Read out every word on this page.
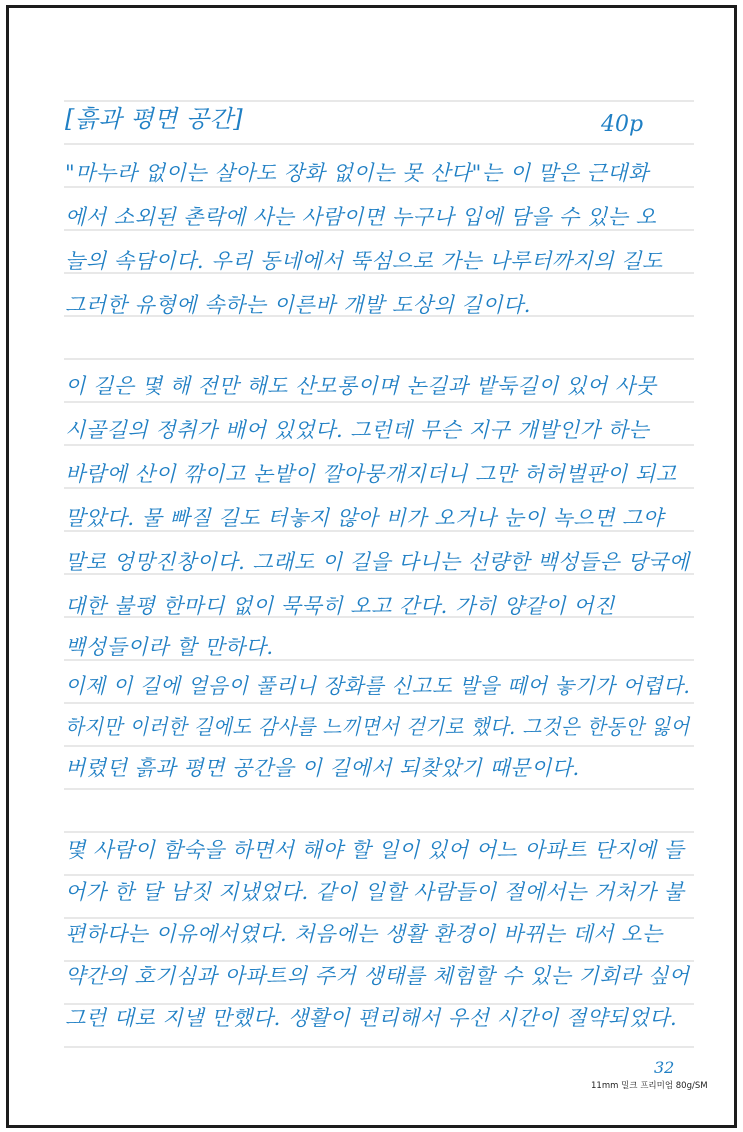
[흙과 평면 공간]	40p
"마누라 없이는 살아도 장화 없이는 못 산다"는 이 말은 근대화
에서 소외된 촌락에 사는 사람이면 누구나 입에 담을 수 있는 오
늘의 속담이다. 우리 동네에서 뚝섬으로 가는 나루터까지의 길도
그러한 유형에 속하는 이른바 개발 도상의 길이다.
이 길은 몇 해 전만 해도 산모롱이며 논길과 밭둑길이 있어 사뭇
시골길의 정취가 배어 있었다. 그런데 무슨 지구 개발인가 하는
바람에 산이 깎이고 논밭이 깔아뭉개지더니 그만 허허벌판이 되고
말았다. 물 빠질 길도 터놓지 않아 비가 오거나 눈이 녹으면 그야
말로 엉망진창이다. 그래도 이 길을 다니는 선량한 백성들은 당국에
대한 불평 한마디 없이 묵묵히 오고 간다. 가히 양같이 어진
백성들이라 할 만하다.
이제 이 길에 얼음이 풀리니 장화를 신고도 발을 떼어 놓기가 어렵다.
하지만 이러한 길에도 감사를 느끼면서 걷기로 했다. 그것은 한동안 잃어
버렸던 흙과 평면 공간을 이 길에서 되찾았기 때문이다.
몇 사람이 함숙을 하면서 해야 할 일이 있어 어느 아파트 단지에 들
어가 한 달 남짓 지냈었다. 같이 일할 사람들이 절에서는 거처가 불
편하다는 이유에서였다. 처음에는 생활 환경이 바뀌는 데서 오는
약간의 호기심과 아파트의 주거 생태를 체험할 수 있는 기회라 싶어
그런 대로 지낼 만했다. 생활이 편리해서 우선 시간이 절약되었다.
32
11mm 밀크 프리미엄 80g/SM
